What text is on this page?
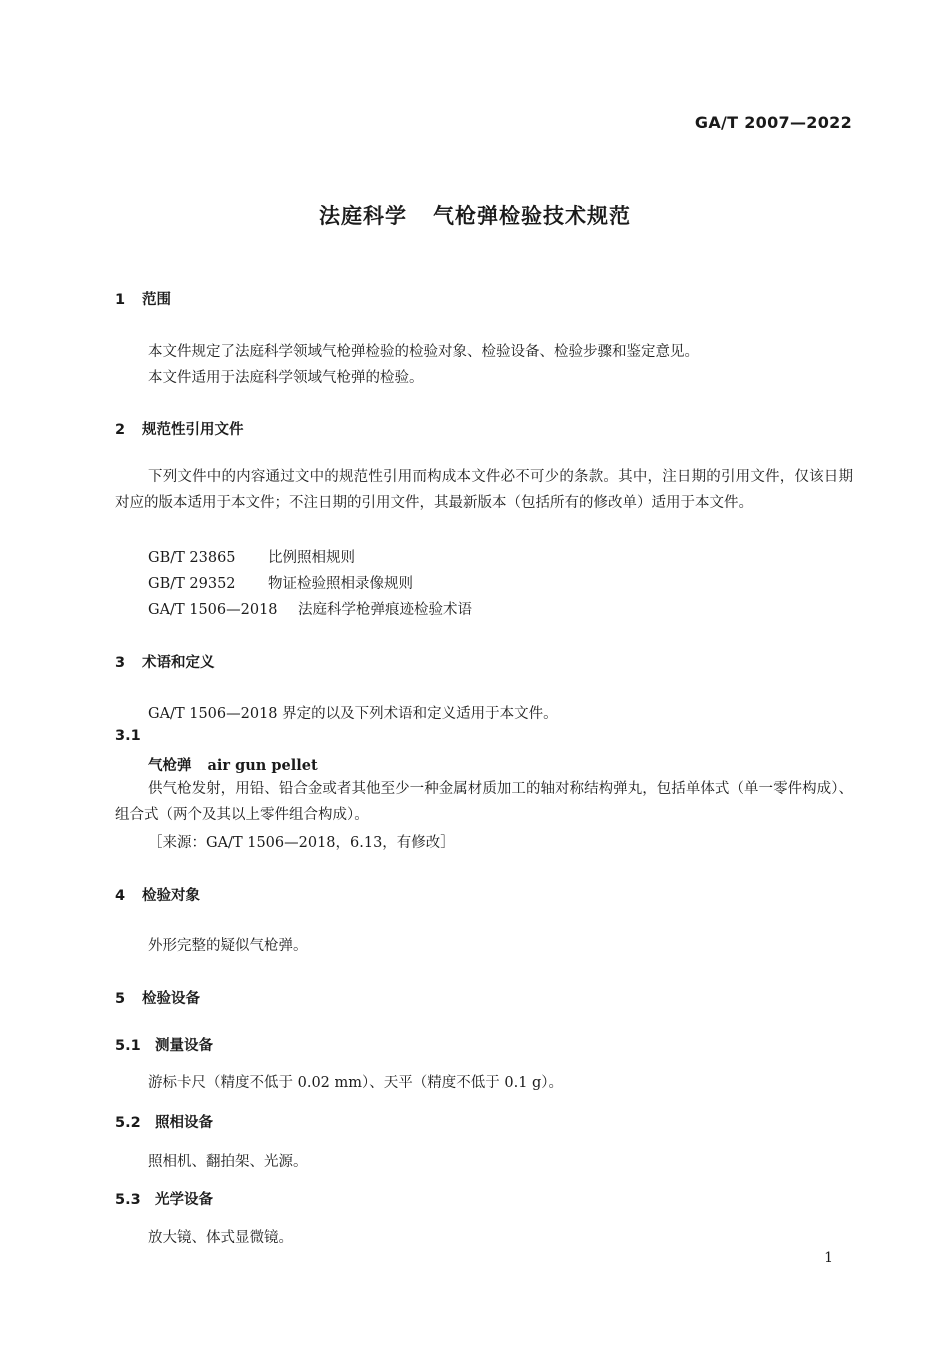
GA/T 2007—2022
法庭科学 气枪弹检验技术规范
1 范围
本文件规定了法庭科学领域气枪弹检验的检验对象、检验设备、检验步骤和鉴定意见。
本文件适用于法庭科学领域气枪弹的检验。
2 规范性引用文件
下列文件中的内容通过文中的规范性引用而构成本文件必不可少的条款。其中，注日期的引用文件，仅该日期对应的版本适用于本文件；不注日期的引用文件，其最新版本（包括所有的修改单）适用于本文件。
GB/T 23865 比例照相规则
GB/T 29352 物证检验照相录像规则
GA/T 1506—2018 法庭科学枪弹痕迹检验术语
3 术语和定义
GA/T 1506—2018 界定的以及下列术语和定义适用于本文件。
3.1
气枪弹 air gun pellet
供气枪发射，用铅、铅合金或者其他至少一种金属材质加工的轴对称结构弹丸，包括单体式（单一零件构成）、组合式（两个及其以上零件组合构成）。
［来源：GA/T 1506—2018，6.13，有修改］
4 检验对象
外形完整的疑似气枪弹。
5 检验设备
5.1 测量设备
游标卡尺（精度不低于 0.02 mm）、天平（精度不低于 0.1 g）。
5.2 照相设备
照相机、翻拍架、光源。
5.3 光学设备
放大镜、体式显微镜。
1
